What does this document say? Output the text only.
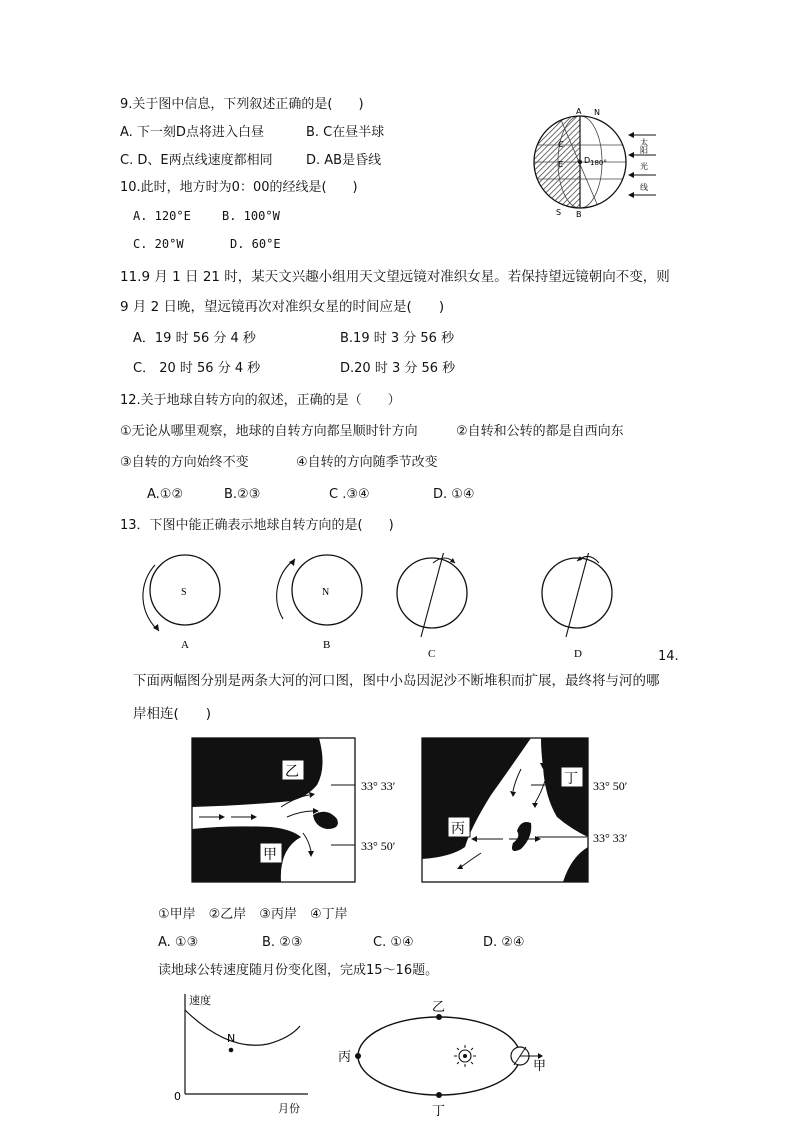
9.关于图中信息，下列叙述正确的是(　　)
A. 下一刻D点将进入白昼	B. C在昼半球
C. D、E两点线速度都相同	D. AB是昏线
N
S
A
B
C
D
E	180°
太
阳
光
线
10.此时，地方时为0：00的经线是(　　)
A. 120°E	B. 100°W
C. 20°W	D. 60°E
11.9 月 1 日 21 时，某天文兴趣小组用天文望远镜对准织女星。若保持望远镜朝向不变，则
9 月 2 日晚，望远镜再次对准织女星的时间应是(　　)
A．19 时 56 分 4 秒	B.19 时 3 分 56 秒
C． 20 时 56 分 4 秒	D.20 时 3 分 56 秒
12.关于地球自转方向的叙述，正确的是（　　）
①无论从哪里观察，地球的自转方向都呈顺时针方向	②自转和公转的都是自西向东
③自转的方向始终不变	④自转的方向随季节改变
A.①②	B.②③	C .③④	D. ①④
13．下图中能正确表示地球自转方向的是(　　)
S
A
N
B
C	D	14.
下面两幅图分别是两条大河的河口图，图中小岛因泥沙不断堆积而扩展，最终将与河的哪
岸相连(　　)
乙
甲
33° 33′
33° 50′
丙
丁 33° 50′
33° 33′
①甲岸　②乙岸　③丙岸　④丁岸
A. ①③	B. ②③	C. ①④	D. ②④
读地球公转速度随月份变化图，完成15～16题。
速度
月份
0
N
乙
丙
丁
甲
